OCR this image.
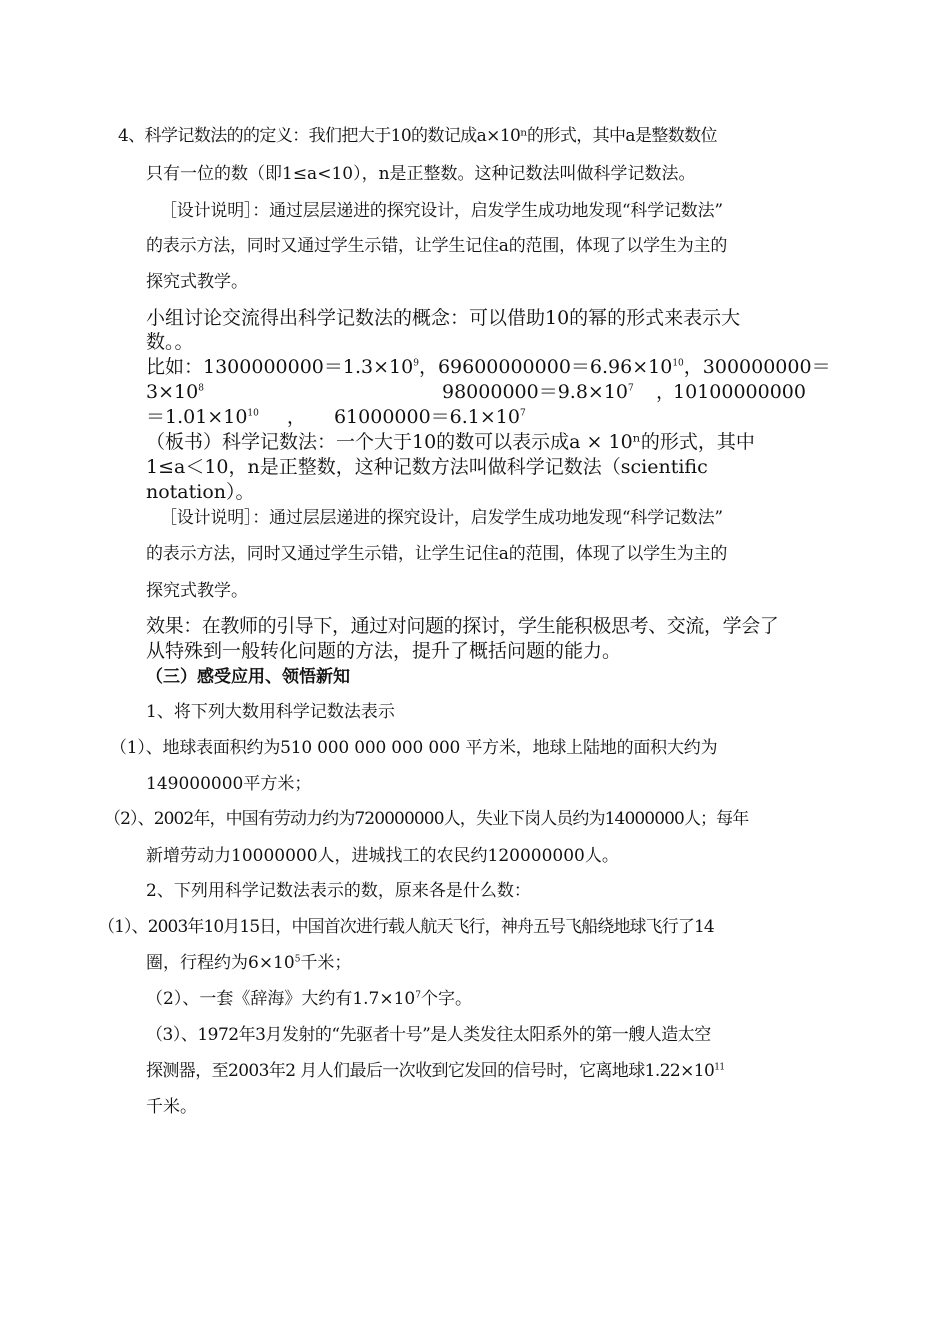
4、科学记数法的的定义：我们把大于10的数记成a×10ⁿ的形式，其中a是整数数位
只有一位的数（即1≤a<10），n是正整数。这种记数法叫做科学记数法。
［设计说明］：通过层层递进的探究设计，启发学生成功地发现“科学记数法”
的表示方法，同时又通过学生示错，让学生记住a的范围，体现了以学生为主的
探究式教学。
小组讨论交流得出科学记数法的概念：可以借助10的幂的形式来表示大
数。。
比如：$1300000000=1.3\times 10^9$，$69600000000=6.96\times 10^{10}$， 300000000＝
$3\times 10^8$	$98000000=9.8\times 10^7$ ，
10100000000
$=1.01\times 10^{10}$ ， $61000000=6.1\times 10^7$
（板书）科学记数法：一个大于10的数可以表示成a × 10ⁿ的形式，其中
1≤a＜10，n是正整数，这种记数方法叫做科学记数法（scientific
notation）。
［设计说明］：通过层层递进的探究设计，启发学生成功地发现“科学记数法”
的表示方法，同时又通过学生示错，让学生记住a的范围，体现了以学生为主的
探究式教学。
效果：在教师的引导下，通过对问题的探讨，学生能积极思考、交流，学会了
从特殊到一般转化问题的方法，提升了概括问题的能力。
（三）感受应用、领悟新知
1、将下列大数用科学记数法表示
（1）、地球表面积约为510 000 000 000 000 平方米，地球上陆地的面积大约为
149000000平方米；
（2）、2002年，中国有劳动力约为720000000人，失业下岗人员约为14000000人；每年
新增劳动力10000000人，进城找工的农民约120000000人。
2、下列用科学记数法表示的数，原来各是什么数：
（1）、2003年10月15日，中国首次进行载人航天飞行，神舟五号飞船绕地球飞行了14
圈，行程约为$6\times 10^5$千米；
（2）、一套《辞海》大约有$1.7\times 10^7$个字。
（3）、1972年3月发射的“先驱者十号”是人类发往太阳系外的第一艘人造太空
探测器，至2003年2 月人们最后一次收到它发回的信号时，它离地球$1.22\times 10^{11}$
千米。
